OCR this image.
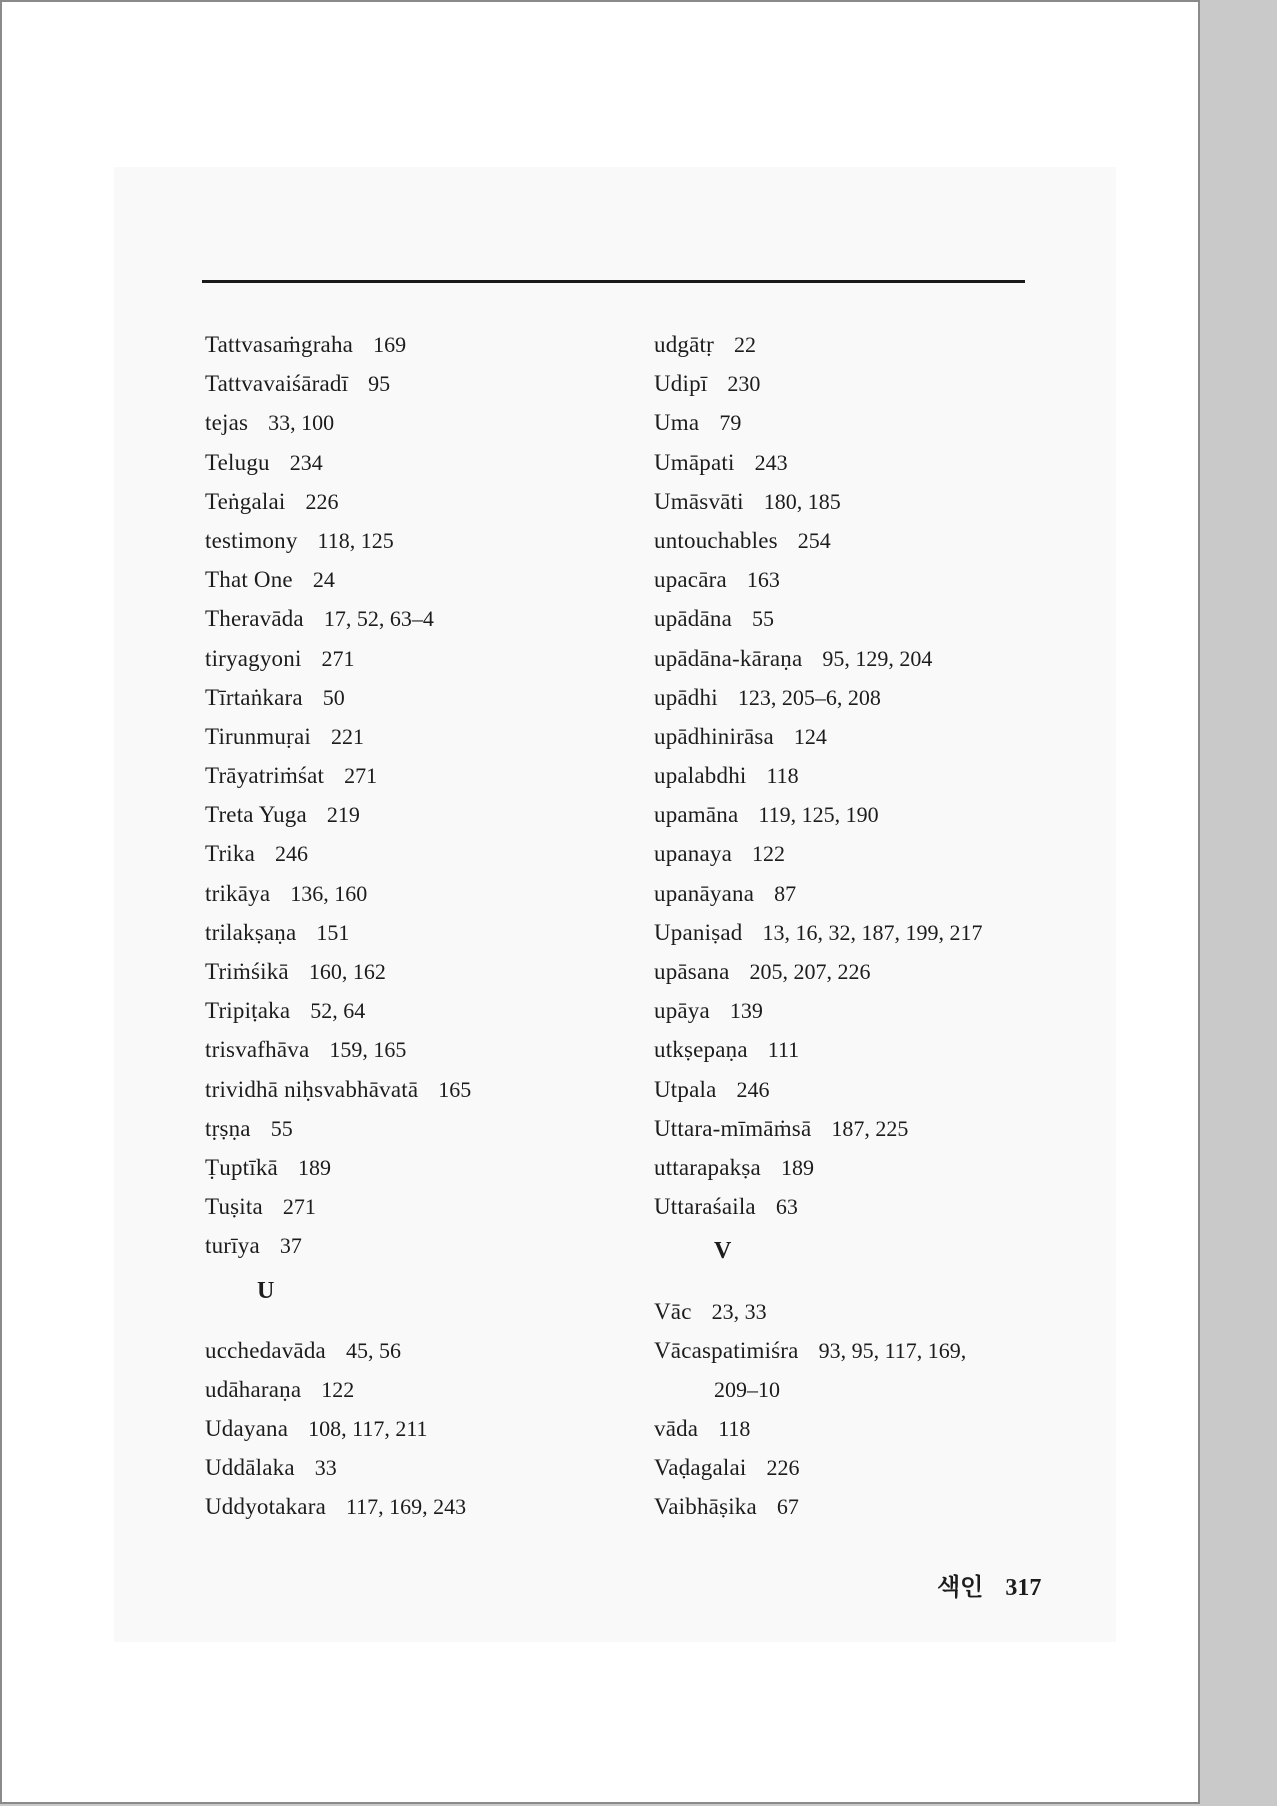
Tattvasaṁgraha 169
Tattvavaiśāradī 95
tejas 33, 100
Telugu 234
Teṅgalai 226
testimony 118, 125
That One 24
Theravāda 17, 52, 63–4
tiryagyoni 271
Tīrtaṅkara 50
Tirunmuṛai 221
Trāyatriṁśat 271
Treta Yuga 219
Trika 246
trikāya 136, 160
trilakṣaṇa 151
Triṁśikā 160, 162
Tripiṭaka 52, 64
trisvafhāva 159, 165
trividhā niḥsvabhāvatā 165
tṛṣṇa 55
Ṭuptīkā 189
Tuṣita 271
turīya 37
U
ucchedavāda 45, 56
udāharaṇa 122
Udayana 108, 117, 211
Uddālaka 33
Uddyotakara 117, 169, 243
udgātṛ 22
Udipī 230
Uma 79
Umāpati 243
Umāsvāti 180, 185
untouchables 254
upacāra 163
upādāna 55
upādāna-kāraṇa 95, 129, 204
upādhi 123, 205–6, 208
upādhinirāsa 124
upalabdhi 118
upamāna 119, 125, 190
upanaya 122
upanāyana 87
Upaniṣad 13, 16, 32, 187, 199, 217
upāsana 205, 207, 226
upāya 139
utkṣepaṇa 111
Utpala 246
Uttara-mīmāṁsā 187, 225
uttarapakṣa 189
Uttaraśaila 63
V
Vāc 23, 33
Vācaspatimiśra 93, 95, 117, 169,
209–10
vāda 118
Vaḍagalai 226
Vaibhāṣika 67
색인 317
